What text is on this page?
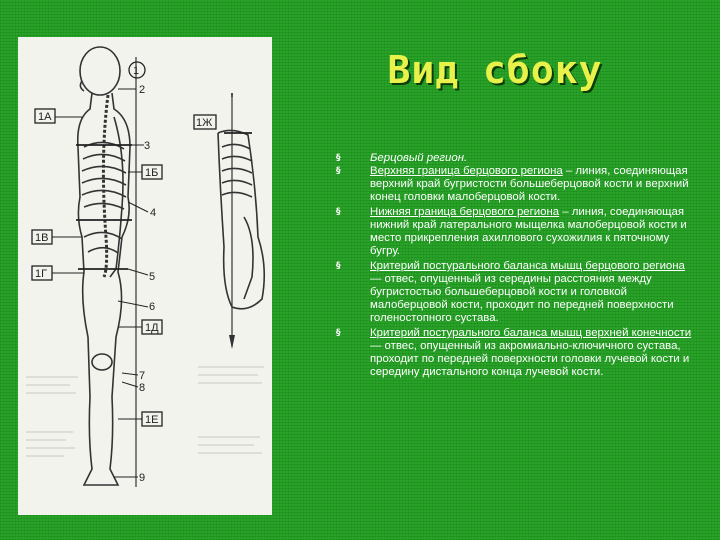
1
2
3
4
5
6
7
8
9
1А
1Б
1В
1Г
1Д
1Е
1Ж
Вид сбоку
§	Берцовый регион.
§	Верхняя граница берцового региона – линия, соединяющая верхний край бугристости большеберцовой кости и верхний конец головки малоберцовой кости.
§	Нижняя граница берцового региона – линия, соединяющая нижний край латерального мыщелка малоберцовой кости и место прикрепления ахиллового сухожилия к пяточному бугру.
§	Критерий постурального баланса мышц берцового региона — отвес, опущенный из середины расстояния между бугристостью большеберцовой кости и головкой малоберцовой кости, проходит по передней поверхности голеностопного сустава.
§	Критерий постурального баланса мышц верхней конечности — отвес, опущенный из акромиально-ключичного сустава, проходит по передней поверхности головки лучевой кости и середину дистального конца лучевой кости.
